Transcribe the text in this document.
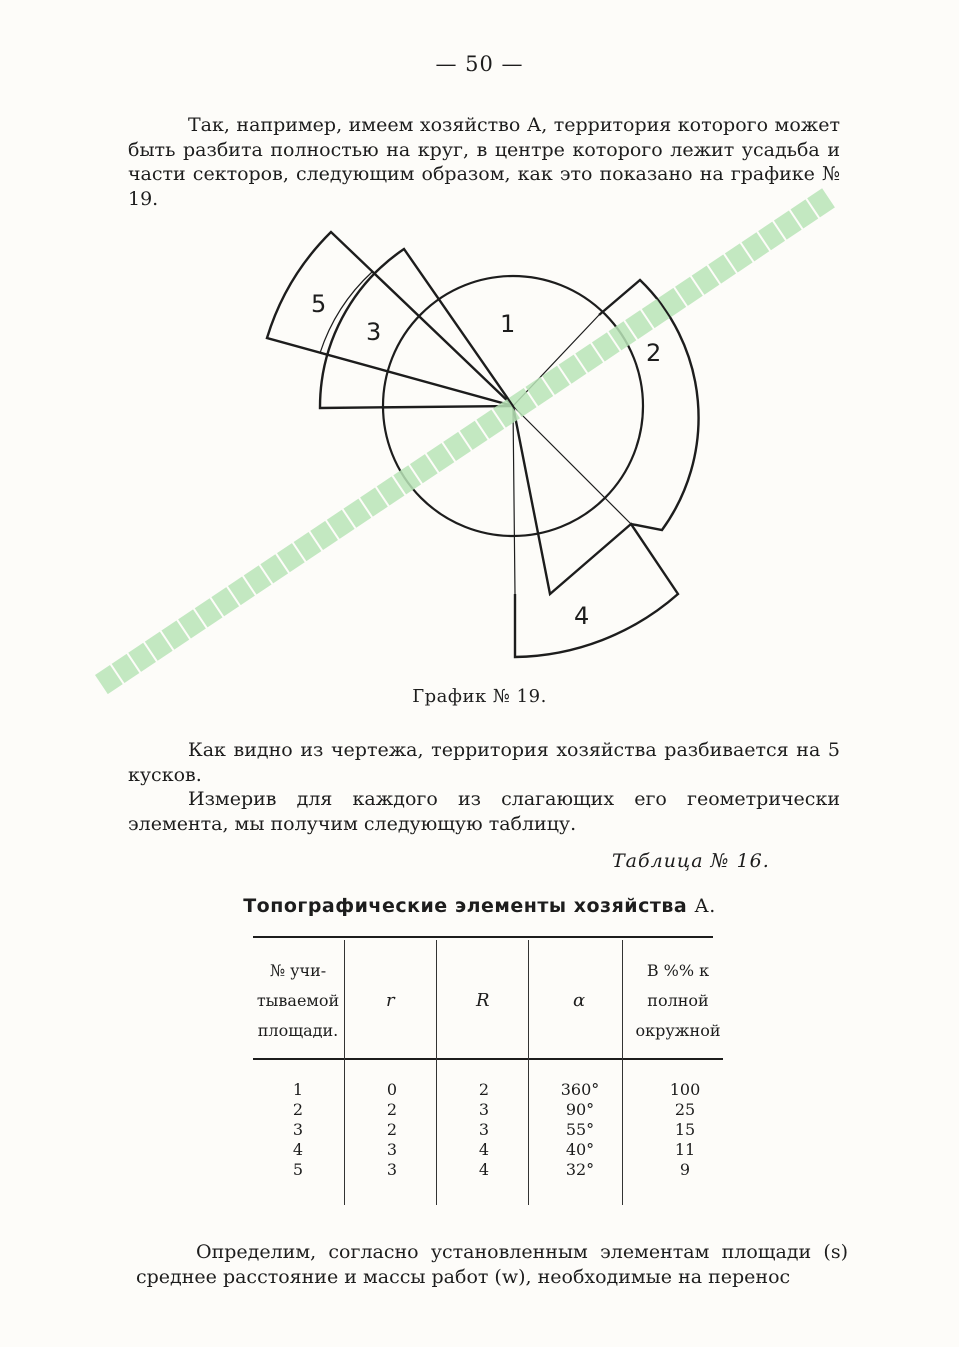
— 50 —
Так, например, имеем хозяйство А, территория которого может быть разбита полностью на круг, в центре которого лежит усадьба и части секторов, следующим образом, как это показано на графике № 19.
1
2
3
4
5
График № 19.
Как видно из чертежа, территория хозяйства разбивается на 5 кусков.
Измерив для каждого из слагающих его геометрически элемента, мы получим следующую таблицу.
Таблица № 16.
Топографические элементы хозяйства А.
№ учи-
тываемой
площади.
r	R	α
В %% к
полной
окружной
1
2
3
4
5
0
2
2
3
3
2
3
3
4
4
360°
90°
55°
40°
32°
100
25
15
11
9
Определим, согласно установленным элементам площади (s) среднее расстояние и массы работ (w), необходимые на перенос
